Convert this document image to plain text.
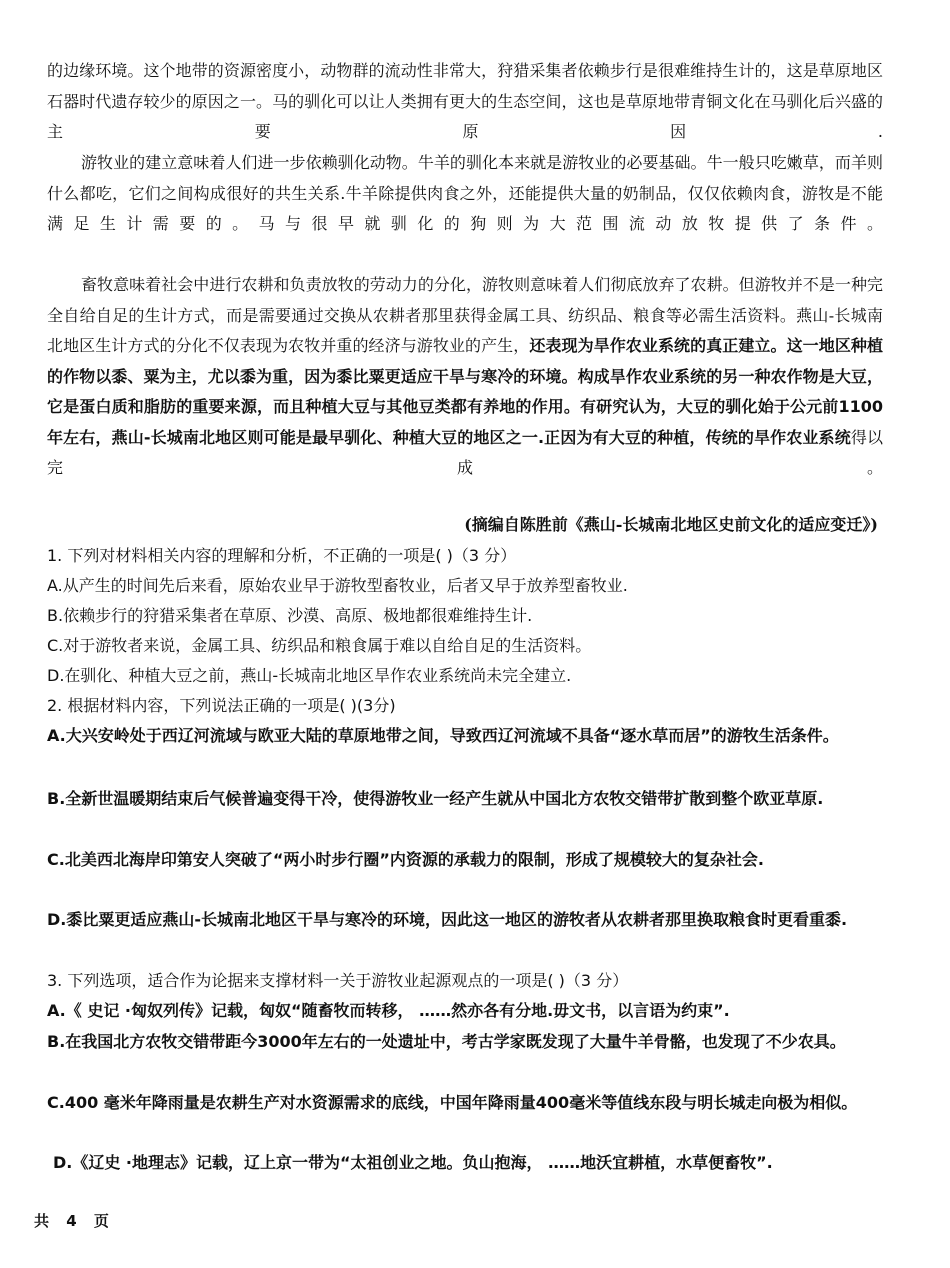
的边缘环境。这个地带的资源密度小，动物群的流动性非常大，狩猎采集者依赖步行是很难维持生计的，这是草原地区石器时代遗存较少的原因之一。马的驯化可以让人类拥有更大的生态空间，这也是草原地带青铜文化在马驯化后兴盛的主要原因.

游牧业的建立意味着人们进一步依赖驯化动物。牛羊的驯化本来就是游牧业的必要基础。牛一般只吃嫩草，而羊则什么都吃，它们之间构成很好的共生关系.牛羊除提供肉食之外，还能提供大量的奶制品，仅仅依赖肉食，游牧是不能满足生计需要的。马与很早就驯化的狗则为大范围流动放牧提供了条件。

畜牧意味着社会中进行农耕和负责放牧的劳动力的分化，游牧则意味着人们彻底放弃了农耕。但游牧并不是一种完全自给自足的生计方式，而是需要通过交换从农耕者那里获得金属工具、纺织品、粮食等必需生活资料。燕山-长城南北地区生计方式的分化不仅表现为农牧并重的经济与游牧业的产生，还表现为旱作农业系统的真正建立。这一地区种植的作物以黍、粟为主，尤以黍为重，因为黍比粟更适应干旱与寒冷的环境。构成旱作农业系统的另一种农作物是大豆，它是蛋白质和脂肪的重要来源，而且种植大豆与其他豆类都有养地的作用。有研究认为，大豆的驯化始于公元前1100年左右，燕山-长城南北地区则可能是最早驯化、种植大豆的地区之一.正因为有大豆的种植，传统的旱作农业系统得以完成。

(摘编自陈胜前《燕山-长城南北地区史前文化的适应变迁》)

1. 下列对材料相关内容的理解和分析，不正确的一项是( )（3 分）

A.从产生的时间先后来看，原始农业早于游牧型畜牧业，后者又早于放养型畜牧业.

B.依赖步行的狩猎采集者在草原、沙漠、高原、极地都很难维持生计.

C.对于游牧者来说，金属工具、纺织品和粮食属于难以自给自足的生活资料。

D.在驯化、种植大豆之前，燕山-长城南北地区旱作农业系统尚未完全建立.

2. 根据材料内容，下列说法正确的一项是( )(3分)

A.大兴安岭处于西辽河流域与欧亚大陆的草原地带之间，导致西辽河流域不具备“逐水草而居”的游牧生活条件。

B.全新世温暖期结束后气候普遍变得干冷，使得游牧业一经产生就从中国北方农牧交错带扩散到整个欧亚草原.

C.北美西北海岸印第安人突破了“两小时步行圈”内资源的承载力的限制，形成了规模较大的复杂社会.

D.黍比粟更适应燕山-长城南北地区干旱与寒冷的环境，因此这一地区的游牧者从农耕者那里换取粮食时更看重黍.

3. 下列选项，适合作为论据来支撑材料一关于游牧业起源观点的一项是( )（3 分）

A.《 史记 ·匈奴列传》记载，匈奴“随畜牧而转移， ……然亦各有分地.毋文书，以言语为约束”.

B.在我国北方农牧交错带距今3000年左右的一处遗址中，考古学家既发现了大量牛羊骨骼，也发现了不少农具。

C.400 毫米年降雨量是农耕生产对水资源需求的底线，中国年降雨量400毫米等值线东段与明长城走向极为相似。

D.《辽史 ·地理志》记载，辽上京一带为“太祖创业之地。负山抱海， ……地沃宜耕植，水草便畜牧”.

共 4 页
